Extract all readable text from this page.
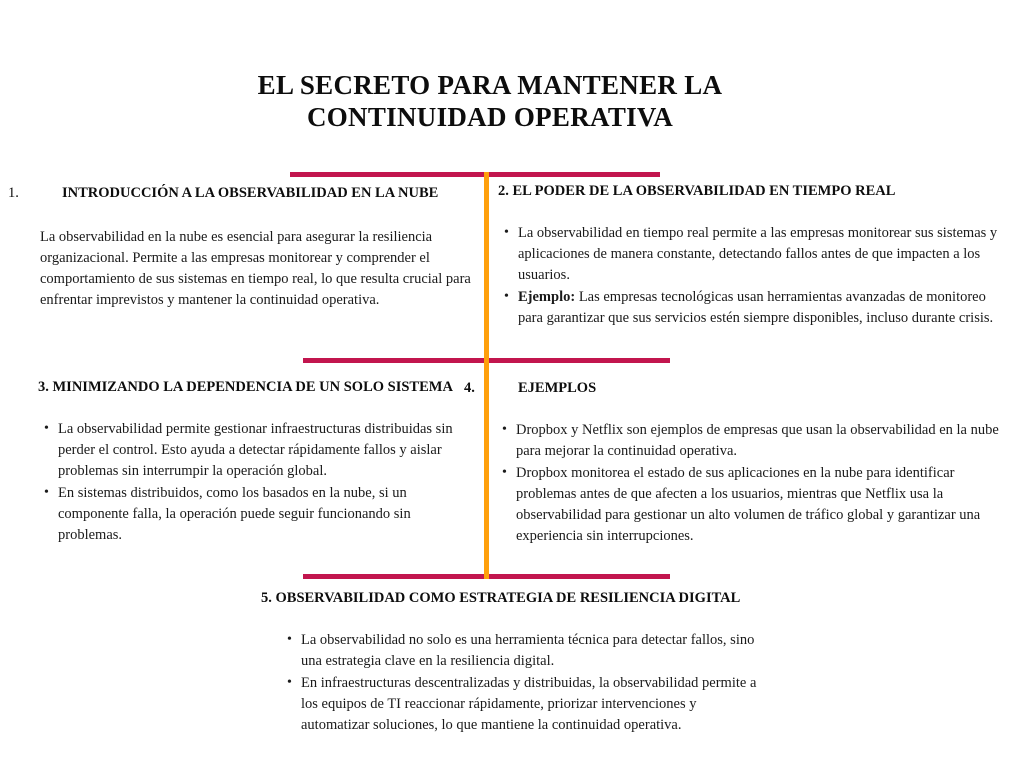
EL SECRETO PARA MANTENER LA CONTINUIDAD OPERATIVA
1.	INTRODUCCIÓN A LA OBSERVABILIDAD EN LA NUBE

La observabilidad en la nube es esencial para asegurar la resiliencia organizacional. Permite a las empresas monitorear y comprender el comportamiento de sus sistemas en tiempo real, lo que resulta crucial para enfrentar imprevistos y mantener la continuidad operativa.

2. EL PODER DE LA OBSERVABILIDAD EN TIEMPO REAL
• La observabilidad en tiempo real permite a las empresas monitorear sus sistemas y aplicaciones de manera constante, detectando fallos antes de que impacten a los usuarios.
• Ejemplo: Las empresas tecnológicas usan herramientas avanzadas de monitoreo para garantizar que sus servicios estén siempre disponibles, incluso durante crisis.
3. MINIMIZANDO LA DEPENDENCIA DE UN SOLO SISTEMA
• La observabilidad permite gestionar infraestructuras distribuidas sin perder el control. Esto ayuda a detectar rápidamente fallos y aislar problemas sin interrumpir la operación global.
• En sistemas distribuidos, como los basados en la nube, si un componente falla, la operación puede seguir funcionando sin problemas.
4.	EJEMPLOS
• Dropbox y Netflix son ejemplos de empresas que usan la observabilidad en la nube para mejorar la continuidad operativa.
• Dropbox monitorea el estado de sus aplicaciones en la nube para identificar problemas antes de que afecten a los usuarios, mientras que Netflix usa la observabilidad para gestionar un alto volumen de tráfico global y garantizar una experiencia sin interrupciones.
5. OBSERVABILIDAD COMO ESTRATEGIA DE RESILIENCIA DIGITAL
• La observabilidad no solo es una herramienta técnica para detectar fallos, sino una estrategia clave en la resiliencia digital.
• En infraestructuras descentralizadas y distribuidas, la observabilidad permite a los equipos de TI reaccionar rápidamente, priorizar intervenciones y automatizar soluciones, lo que mantiene la continuidad operativa.
